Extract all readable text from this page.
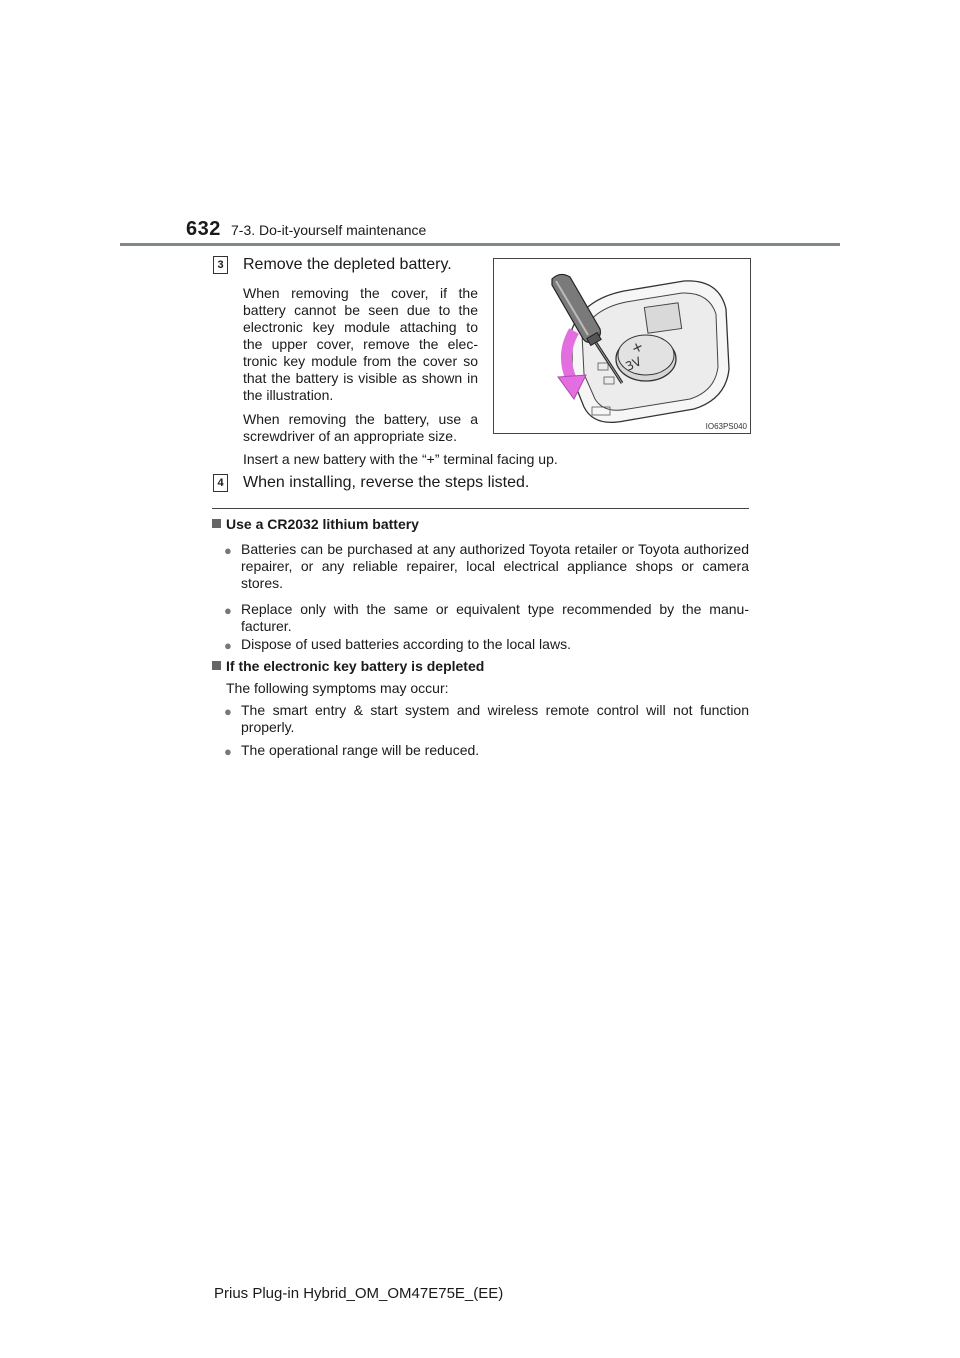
632 7-3. Do-it-yourself maintenance
3 Remove the depleted battery.
When removing the cover, if the battery cannot be seen due to the electronic key module attaching to the upper cover, remove the elec- tronic key module from the cover so that the battery is visible as shown in the illustration.
When removing the battery, use a screwdriver of an appropriate size.
Insert a new battery with the “+” terminal facing up.
+
3V
IO63PS040
4 When installing, reverse the steps listed.
Use a CR2032 lithium battery
● Batteries can be purchased at any authorized Toyota retailer or Toyota authorized repairer, or any reliable repairer, local electrical appliance shops or camera stores.
● Replace only with the same or equivalent type recommended by the manu- facturer.
● Dispose of used batteries according to the local laws.
If the electronic key battery is depleted
The following symptoms may occur:
● The smart entry & start system and wireless remote control will not function properly.
● The operational range will be reduced.
Prius Plug-in Hybrid_OM_OM47E75E_(EE)
